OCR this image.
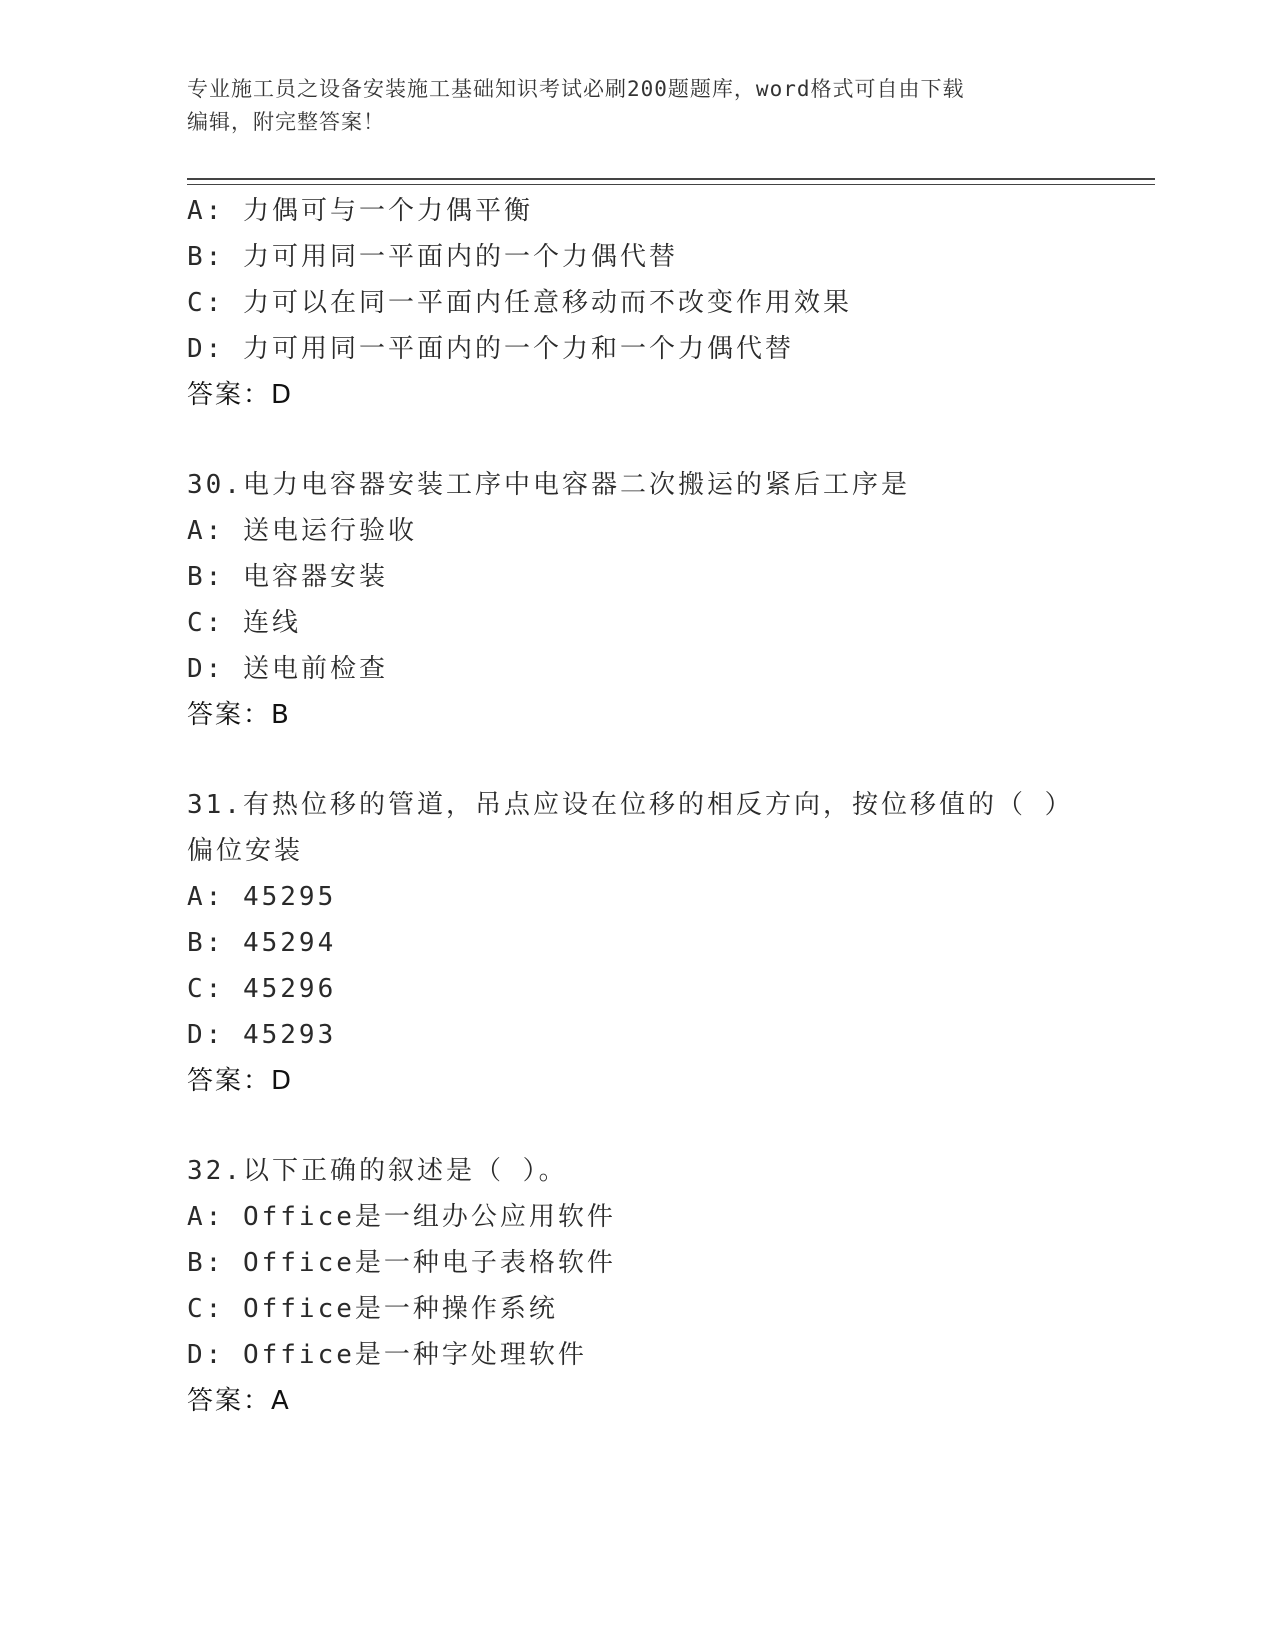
专业施工员之设备安装施工基础知识考试必刷200题题库，word格式可自由下载
编辑，附完整答案！
A: 力偶可与一个力偶平衡
B: 力可用同一平面内的一个力偶代替
C: 力可以在同一平面内任意移动而不改变作用效果
D: 力可用同一平面内的一个力和一个力偶代替
答案：D
30.电力电容器安装工序中电容器二次搬运的紧后工序是
A: 送电运行验收
B: 电容器安装
C: 连线
D: 送电前检查
答案：B
31.有热位移的管道，吊点应设在位移的相反方向，按位移值的（ ）
偏位安装
A: 45295
B: 45294
C: 45296
D: 45293
答案：D
32.以下正确的叙述是（ ）。
A: Office是一组办公应用软件
B: Office是一种电子表格软件
C: Office是一种操作系统
D: Office是一种字处理软件
答案：A
